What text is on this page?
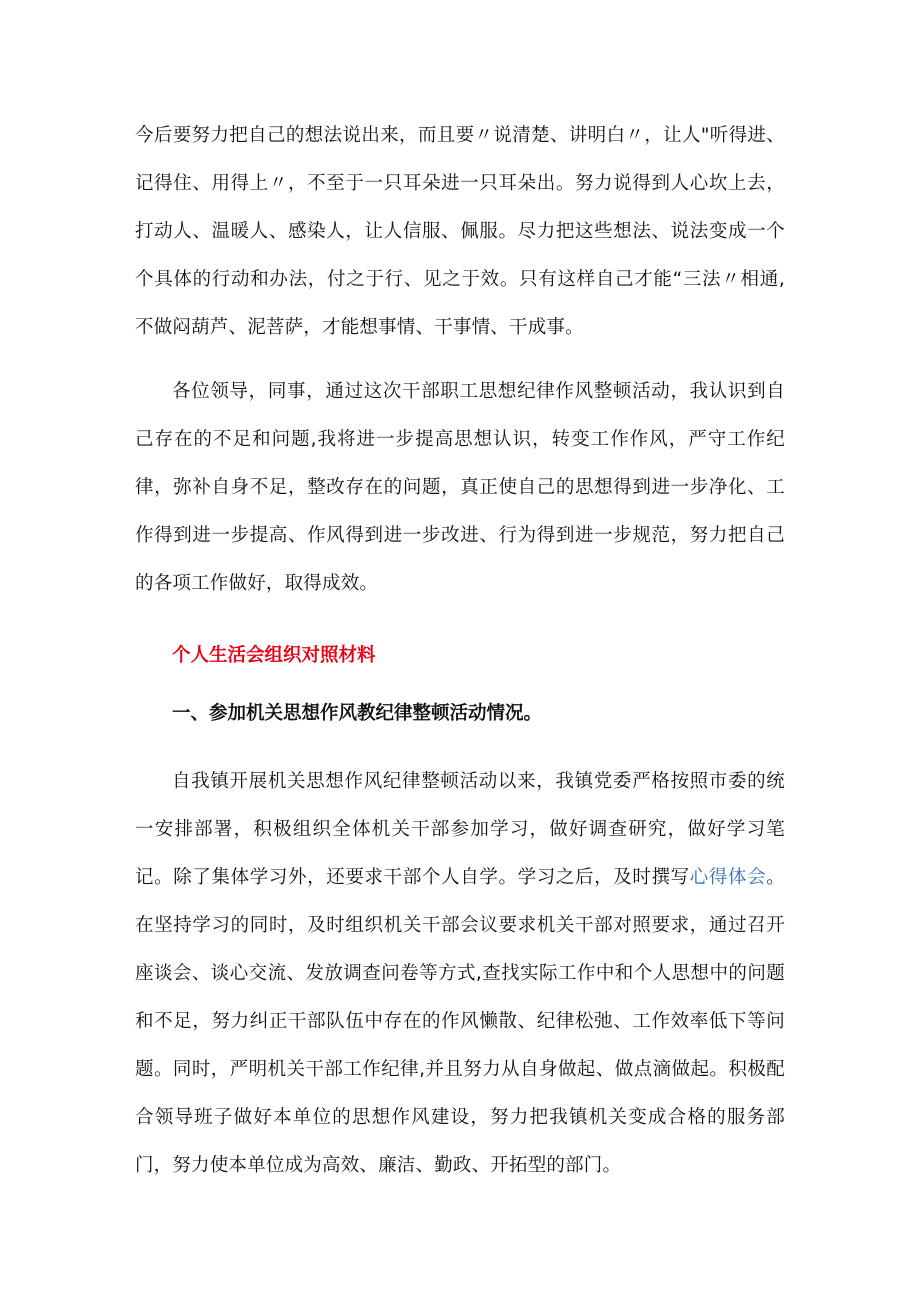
今后要努力把自己的想法说出来，而且要〃说清楚、讲明白〃，让人"听得进、记得住、用得上〃，不至于一只耳朵进一只耳朵出。努力说得到人心坎上去，打动人、温暖人、感染人，让人信服、佩服。尽力把这些想法、说法变成一个个具体的行动和办法，付之于行、见之于效。只有这样自己才能“三法〃相通,不做闷葫芦、泥菩萨，才能想事情、干事情、干成事。

各位领导，同事，通过这次干部职工思想纪律作风整顿活动，我认识到自己存在的不足和问题,我将进一步提高思想认识，转变工作作风，严守工作纪律，弥补自身不足，整改存在的问题，真正使自己的思想得到进一步净化、工作得到进一步提高、作风得到进一步改进、行为得到进一步规范，努力把自己的各项工作做好，取得成效。

个人生活会组织对照材料

一、参加机关思想作风教纪律整顿活动情况。

自我镇开展机关思想作风纪律整顿活动以来，我镇党委严格按照市委的统一安排部署，积极组织全体机关干部参加学习，做好调查研究，做好学习笔记。除了集体学习外，还要求干部个人自学。学习之后，及时撰写心得体会。在坚持学习的同时，及时组织机关干部会议要求机关干部对照要求，通过召开座谈会、谈心交流、发放调查问卷等方式,查找实际工作中和个人思想中的问题和不足，努力纠正干部队伍中存在的作风懒散、纪律松弛、工作效率低下等问题。同时，严明机关干部工作纪律,并且努力从自身做起、做点滴做起。积极配合领导班子做好本单位的思想作风建设，努力把我镇机关变成合格的服务部门，努力使本单位成为高效、廉洁、勤政、开拓型的部门。
